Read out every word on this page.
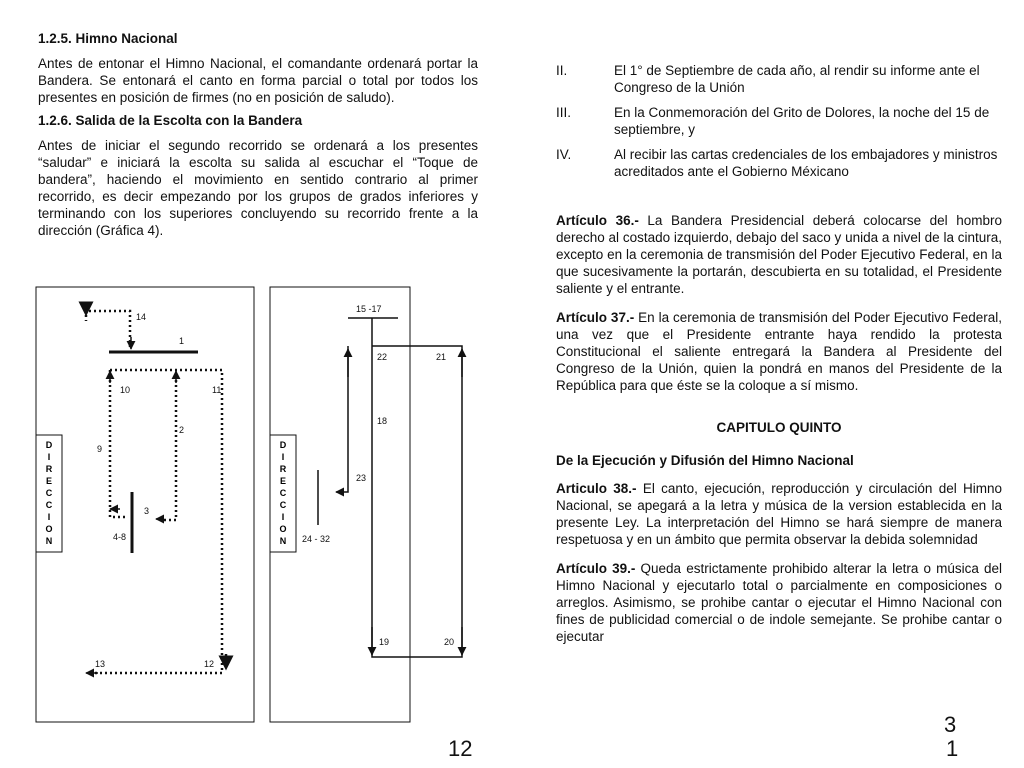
1.2.5. Himno Nacional

Antes de entonar el Himno Nacional, el comandante ordenará portar la Bandera. Se entonará el canto en forma parcial o total por todos los presentes en posición de firmes (no en posición de saludo).

1.2.6. Salida de la Escolta con la Bandera

Antes de iniciar el segundo recorrido se ordenará a los presentes “saludar” e iniciará la escolta su salida al escuchar el “Toque de bandera”, haciendo el movimiento en sentido contrario al primer recorrido, es decir empezando por los grupos de grados inferiores y terminando con los superiores concluyendo su recorrido frente a la dirección (Gráfica 4).

D
I
R
E
C
C
I
O
N
14
1
10	11
2
9
3
4-8
13	12
D
I
R
E
C
C
I
O
N
15 -17
22	21
18
23
24 - 32
19	20
II.	El 1° de Septiembre de cada año, al rendir su informe ante el Congreso de la Unión
III.	En la Conmemoración del Grito de Dolores, la noche del 15 de septiembre, y
IV.	Al recibir las cartas credenciales de los embajadores y ministros acreditados ante el Gobierno Méxicano

Artículo 36.- La Bandera Presidencial deberá colocarse del hombro derecho al costado izquierdo, debajo del saco y unida a nivel de la cintura, excepto en la ceremonia de transmisión del Poder Ejecutivo Federal, en la que sucesivamente la portarán, descubierta en su totalidad, el Presidente saliente y el entrante.

Artículo 37.- En la ceremonia de transmisión del Poder Ejecutivo Federal, una vez que el Presidente entrante haya rendido la protesta Constitucional el saliente entregará la Bandera al Presidente del Congreso de la Unión, quien la pondrá en manos del Presidente de la República para que éste se la coloque a sí mismo.

CAPITULO QUINTO
De la Ejecución y Difusión del Himno Nacional

Articulo 38.- El canto, ejecución, reproducción y circulación del Himno Nacional, se apegará a la letra y música de la version establecida en la presente Ley. La interpretación del Himno se hará siempre de manera respetuosa y en un ámbito que permita observar la debida solemnidad

Artículo 39.- Queda estrictamente prohibido alterar la letra o música del Himno Nacional y ejecutarlo total o parcialmente en composiciones o arreglos. Asimismo, se prohibe cantar o ejecutar el Himno Nacional con fines de publicidad comercial o de indole semejante. Se prohibe cantar o ejecutar

12
3
1
